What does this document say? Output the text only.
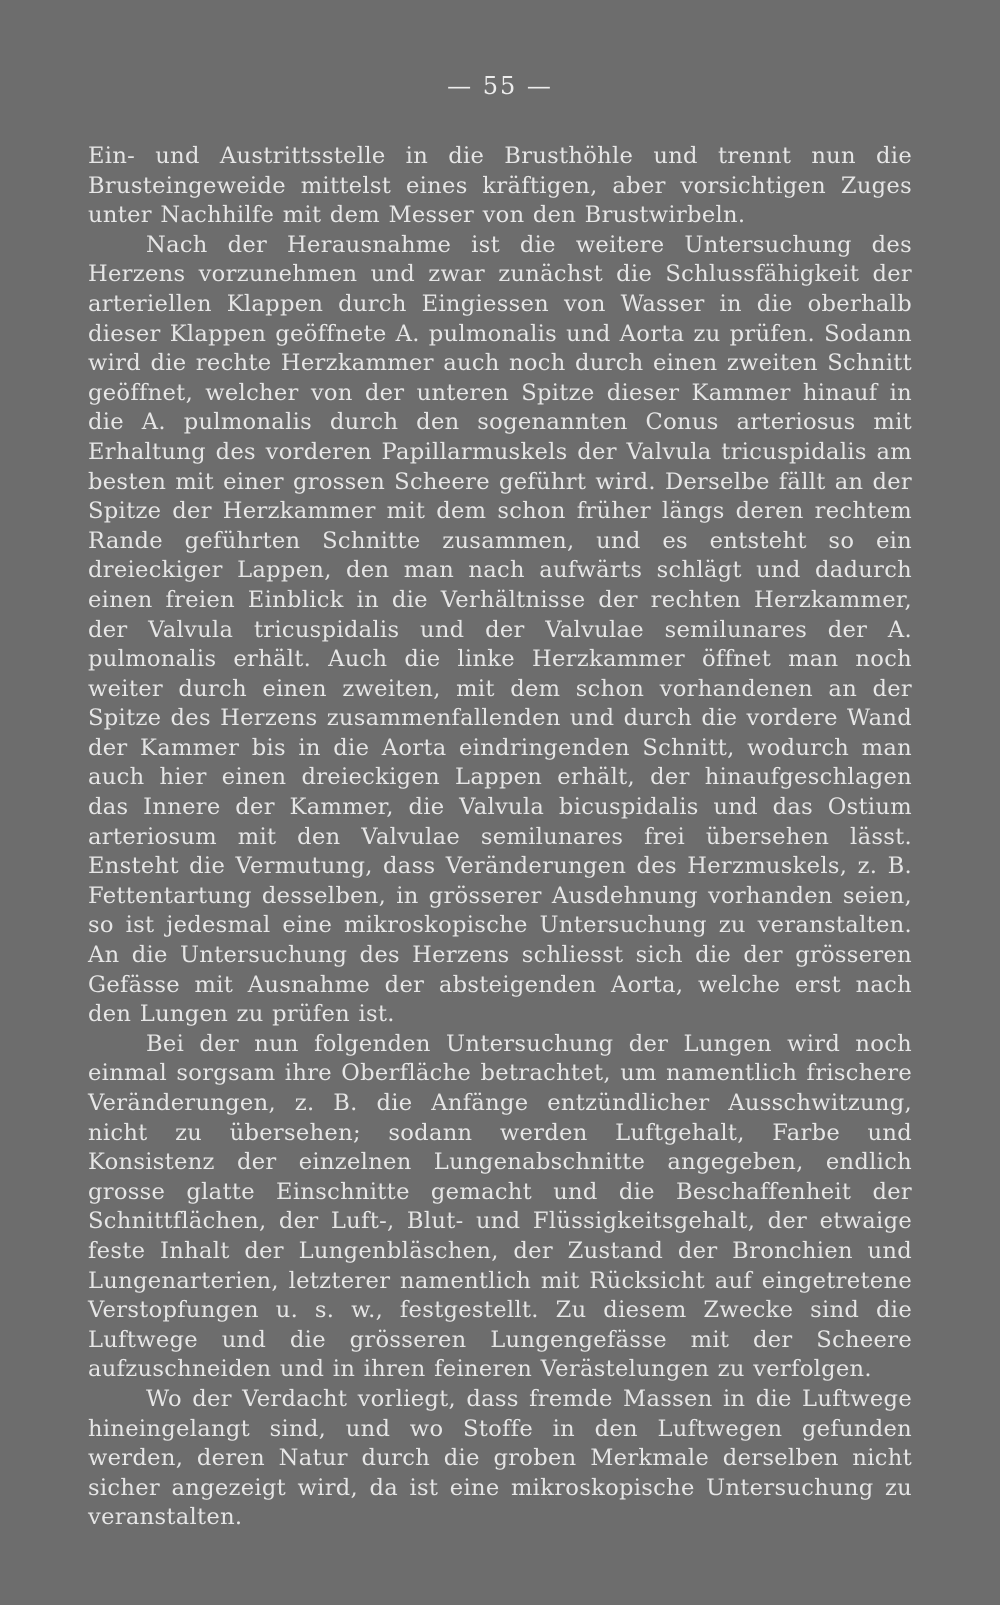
— 55 —

Ein- und Austrittsstelle in die Brusthöhle und trennt nun die Brusteingeweide mittelst eines kräftigen, aber vorsichtigen Zuges unter Nachhilfe mit dem Messer von den Brustwirbeln.

Nach der Herausnahme ist die weitere Untersuchung des Herzens vorzunehmen und zwar zunächst die Schlussfähigkeit der arteriellen Klappen durch Eingiessen von Wasser in die oberhalb dieser Klappen geöffnete A. pulmonalis und Aorta zu prüfen. Sodann wird die rechte Herzkammer auch noch durch einen zweiten Schnitt geöffnet, welcher von der unteren Spitze dieser Kammer hinauf in die A. pulmonalis durch den sogenannten Conus arteriosus mit Erhaltung des vorderen Papillarmuskels der Valvula tricuspidalis am besten mit einer grossen Scheere geführt wird. Derselbe fällt an der Spitze der Herzkammer mit dem schon früher längs deren rechtem Rande geführten Schnitte zusammen, und es entsteht so ein dreieckiger Lappen, den man nach aufwärts schlägt und dadurch einen freien Einblick in die Verhältnisse der rechten Herzkammer, der Valvula tricuspidalis und der Valvulae semilunares der A. pulmonalis erhält. Auch die linke Herzkammer öffnet man noch weiter durch einen zweiten, mit dem schon vorhandenen an der Spitze des Herzens zusammenfallenden und durch die vordere Wand der Kammer bis in die Aorta eindringenden Schnitt, wodurch man auch hier einen dreieckigen Lappen erhält, der hinaufgeschlagen das Innere der Kammer, die Valvula bicuspidalis und das Ostium arteriosum mit den Valvulae semilunares frei übersehen lässt. Ensteht die Vermutung, dass Veränderungen des Herzmuskels, z. B. Fettentartung desselben, in grösserer Ausdehnung vorhanden seien, so ist jedesmal eine mikroskopische Untersuchung zu veranstalten. An die Untersuchung des Herzens schliesst sich die der grösseren Gefässe mit Ausnahme der absteigenden Aorta, welche erst nach den Lungen zu prüfen ist.

Bei der nun folgenden Untersuchung der Lungen wird noch einmal sorgsam ihre Oberfläche betrachtet, um namentlich frischere Veränderungen, z. B. die Anfänge entzündlicher Ausschwitzung, nicht zu übersehen; sodann werden Luftgehalt, Farbe und Konsistenz der einzelnen Lungenabschnitte angegeben, endlich grosse glatte Einschnitte gemacht und die Beschaffenheit der Schnittflächen, der Luft-, Blut- und Flüssigkeitsgehalt, der etwaige feste Inhalt der Lungenbläschen, der Zustand der Bronchien und Lungenarterien, letzterer namentlich mit Rücksicht auf eingetretene Verstopfungen u. s. w., festgestellt. Zu diesem Zwecke sind die Luftwege und die grösseren Lungengefässe mit der Scheere aufzuschneiden und in ihren feineren Verästelungen zu verfolgen.

Wo der Verdacht vorliegt, dass fremde Massen in die Luftwege hineingelangt sind, und wo Stoffe in den Luftwegen gefunden werden, deren Natur durch die groben Merkmale derselben nicht sicher angezeigt wird, da ist eine mikroskopische Untersuchung zu veranstalten.
